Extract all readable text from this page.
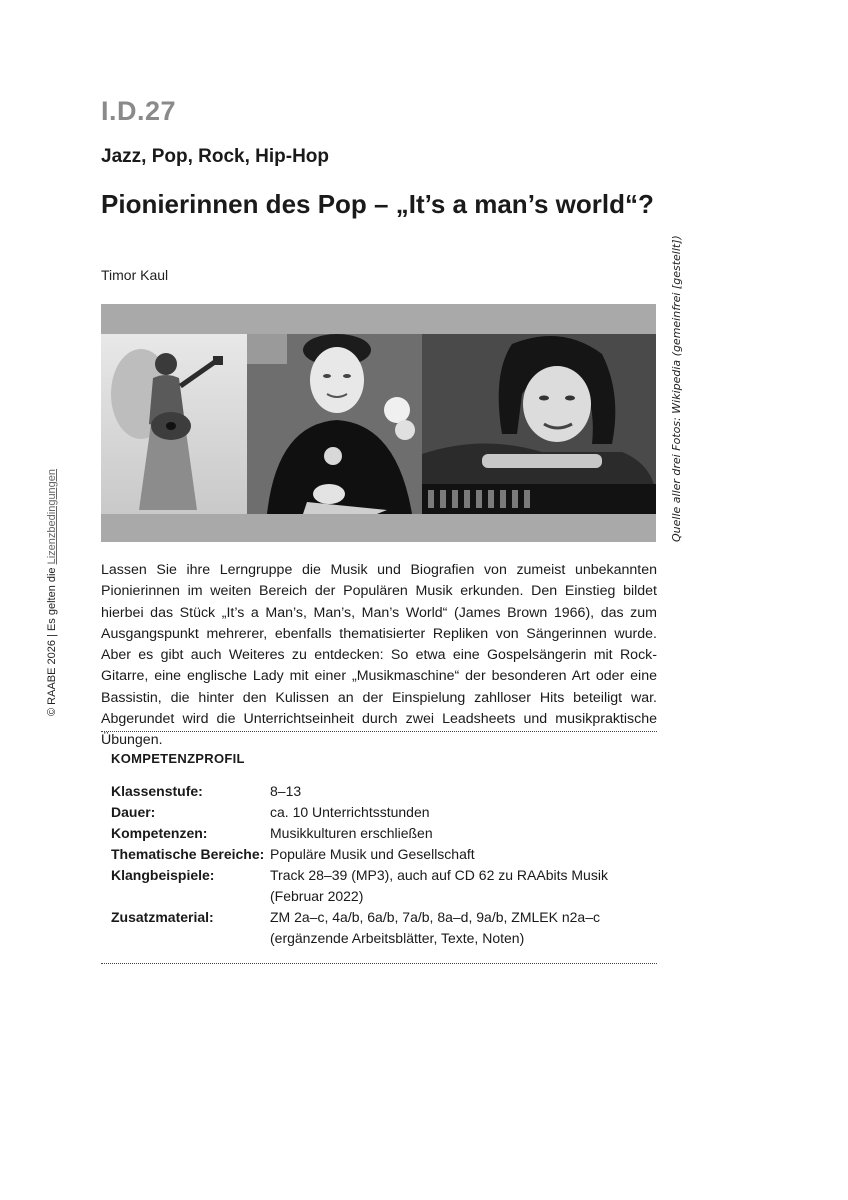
I.D.27
Jazz, Pop, Rock, Hip-Hop
Pionierinnen des Pop – „It’s a man’s world“?
Timor Kaul	Quelle aller drei Fotos: Wikipedia (gemeinfrei [gestellt])
© RAABE 2026 | Es gelten die Lizenzbedingungen

Lassen Sie ihre Lerngruppe die Musik und Biografien von zumeist unbekannten Pionierinnen im weiten Bereich der Populären Musik erkunden. Den Einstieg bildet hierbei das Stück „It’s a Man’s, Man’s, Man’s World“ (James Brown 1966), das zum Ausgangspunkt mehrerer, ebenfalls thematisierter Repliken von Sängerinnen wurde. Aber es gibt auch Weiteres zu entdecken: So etwa eine Gospelsängerin mit Rock-Gitarre, eine englische Lady mit einer „Musikmaschine“ der besonderen Art oder eine Bassistin, die hinter den Kulissen an der Einspielung zahlloser Hits beteiligt war. Abgerundet wird die Unterrichtseinheit durch zwei Leadsheets und musikpraktische Übungen.

KOMPETENZPROFIL
Klassenstufe:	8–13
Dauer:	ca. 10 Unterrichtsstunden
Kompetenzen:	Musikkulturen erschließen
Thematische Bereiche:	Populäre Musik und Gesellschaft
Klangbeispiele:	Track 28–39 (MP3), auch auf CD 62 zu RAAbits Musik (Februar 2022)
Zusatzmaterial:	ZM 2a–c, 4a/b, 6a/b, 7a/b, 8a–d, 9a/b, ZMLEK n2a–c (ergänzende Arbeitsblätter, Texte, Noten)
